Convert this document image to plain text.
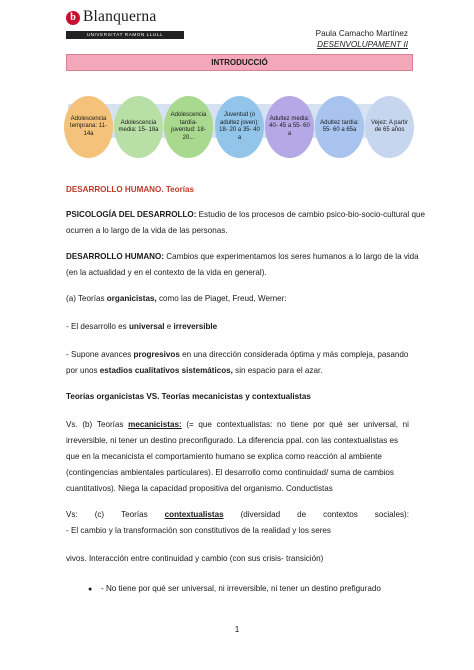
b Blanquerna
UNIVERSITAT RAMON LLULL	Paula Camacho Martínez
DESENVOLUPAMENT II
INTRODUCCIÓ
Adolescencia temprana: 11- 14a
Adolescencia media: 15- 18a
Adolescencia tardía- juventud: 18- 20...
Juventud (o adultez joven): 18- 20 a 35- 40 a
Adultez media: 40- 45 a 55- 60 a
Adultez tardía: 55- 60 a 65a
Vejez: A partir de 65 años
DESARROLLO HUMANO. Teorías
PSICOLOGÍA DEL DESARROLLO: Estudio de los procesos de cambio psico-bio-socio-cultural que
ocurren a lo largo de la vida de las personas.
DESARROLLO HUMANO: Cambios que experimentamos los seres humanos a lo largo de la vida
(en la actualidad y en el contexto de la vida en general).
(a) Teorías organicistas, como las de Piaget, Freud, Werner:
- El desarrollo es universal e irreversible
- Supone avances progresivos en una dirección considerada óptima y más compleja, pasando
por unos estadios cualitativos sistemáticos, sin espacio para el azar.
Teorías organicistas VS. Teorías mecanicistas y contextualistas
Vs. (b) Teorías mecanicistas: (= que contextualistas: no tiene por qué ser universal, ni
irreversible, ni tener un destino preconfigurado. La diferencia ppal. con las contextualistas es
que en la mecanicista el comportamiento humano se explica como reacción al ambiente
(contingencias ambientales particulares). El desarrollo como continuidad/ suma de cambios
cuantitativos). Niega la capacidad propositiva del organismo. Conductistas
Vs: (c) Teorías contextualistas (diversidad de contextos sociales):
- El cambio y la transformación son constitutivos de la realidad y los seres
vivos. Interacción entre continuidad y cambio (con sus crisis- transición)
● - No tiene por qué ser universal, ni irreversible, ni tener un destino prefigurado
1
